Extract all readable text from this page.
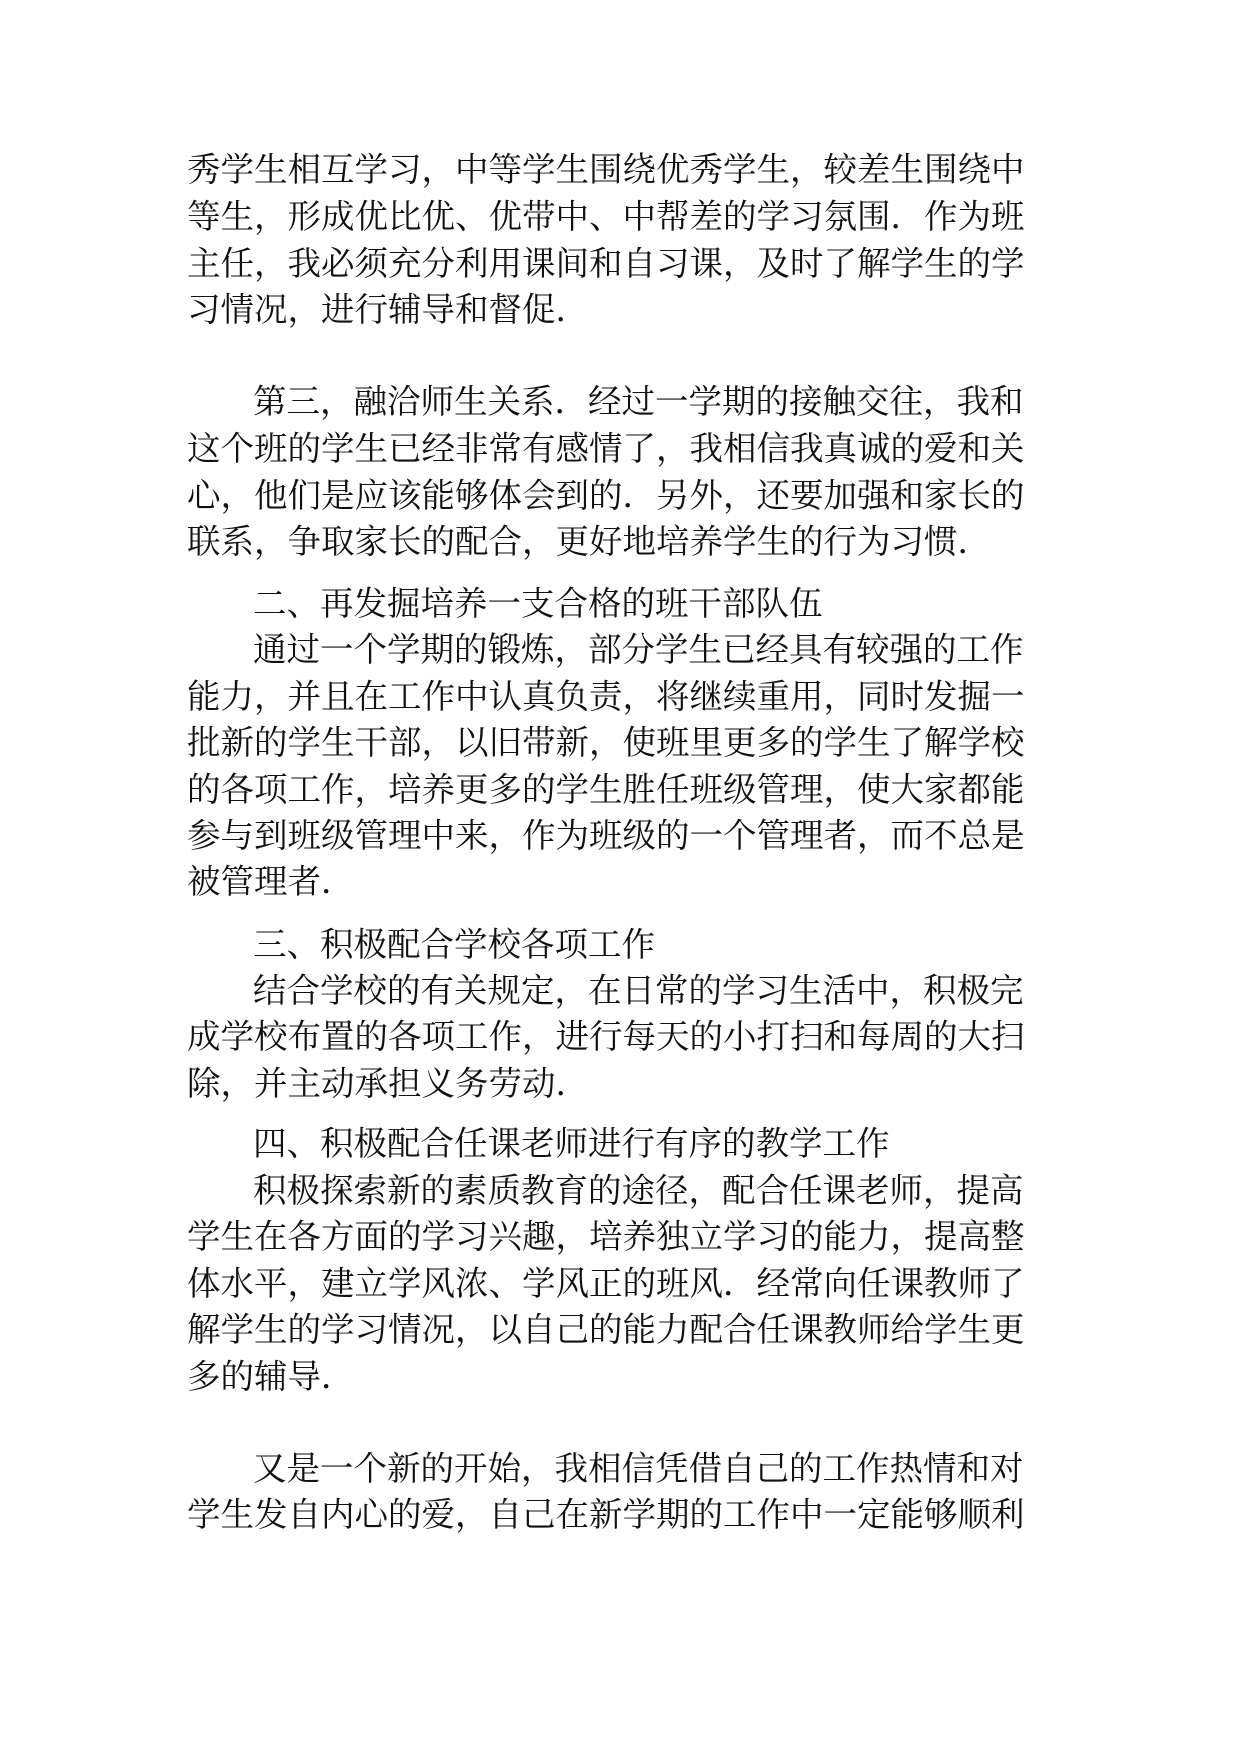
秀学生相互学习，中等学生围绕优秀学生，较差生围绕中
等生，形成优比优、优带中、中帮差的学习氛围．作为班
主任，我必须充分利用课间和自习课，及时了解学生的学
习情况，进行辅导和督促．
第三，融洽师生关系．经过一学期的接触交往，我和
这个班的学生已经非常有感情了，我相信我真诚的爱和关
心，他们是应该能够体会到的．另外，还要加强和家长的
联系，争取家长的配合，更好地培养学生的行为习惯．
二、再发掘培养一支合格的班干部队伍
通过一个学期的锻炼，部分学生已经具有较强的工作
能力，并且在工作中认真负责，将继续重用，同时发掘一
批新的学生干部，以旧带新，使班里更多的学生了解学校
的各项工作，培养更多的学生胜任班级管理，使大家都能
参与到班级管理中来，作为班级的一个管理者，而不总是
被管理者．
三、积极配合学校各项工作
结合学校的有关规定，在日常的学习生活中，积极完
成学校布置的各项工作，进行每天的小打扫和每周的大扫
除，并主动承担义务劳动．
四、积极配合任课老师进行有序的教学工作
积极探索新的素质教育的途径，配合任课老师，提高
学生在各方面的学习兴趣，培养独立学习的能力，提高整
体水平，建立学风浓、学风正的班风．经常向任课教师了
解学生的学习情况，以自己的能力配合任课教师给学生更
多的辅导．
又是一个新的开始，我相信凭借自己的工作热情和对
学生发自内心的爱，自己在新学期的工作中一定能够顺利
